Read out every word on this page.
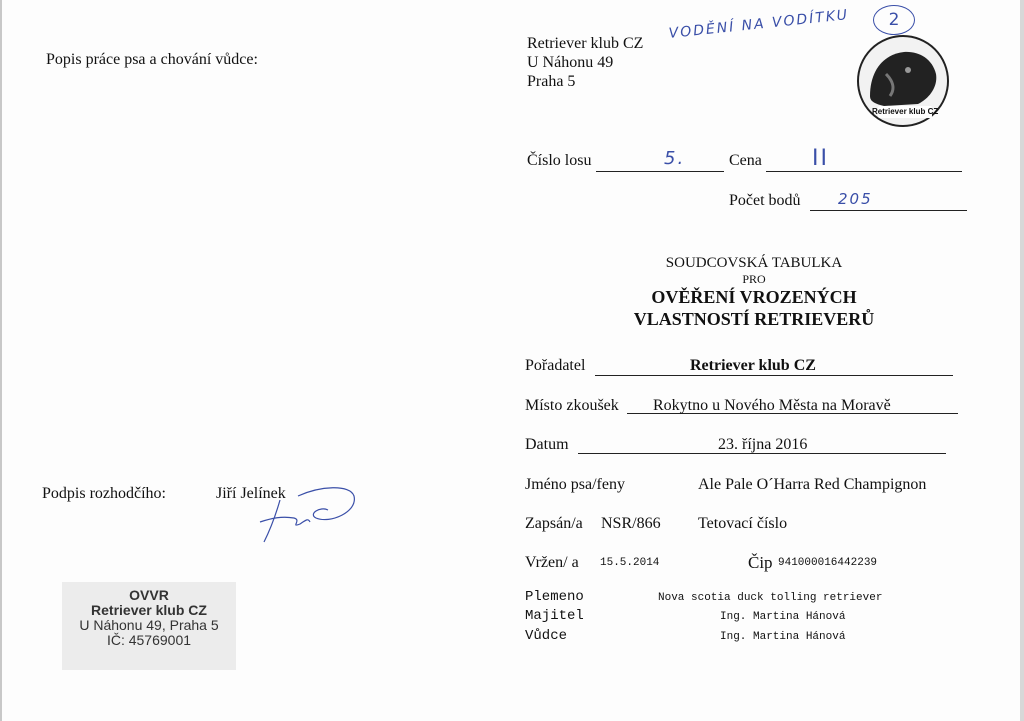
Popis práce psa a chování vůdce:
Podpis rozhodčího:	Jiří Jelínek
OVVR
Retriever klub CZ
U Náhonu 49, Praha 5
IČ: 45769001
Retriever klub CZ
U Náhonu 49
Praha 5
VODĚNÍ NA VODÍTKU	2
Retriever klub CZ
Číslo losu	5.	Cena II
Počet bodů 205
SOUDCOVSKÁ TABULKA
PRO
OVĚŘENÍ VROZENÝCH
VLASTNOSTÍ RETRIEVERŮ
Pořadatel	Retriever klub CZ
Místo zkoušek Rokytno u Nového Města na Moravě
Datum	23. října 2016
Jméno psa/feny	Ale Pale O´Harra Red Champignon
Zapsán/a NSR/866 Tetovací číslo
Vržen/ a 15.5.2014	Čip 941000016442239
Plemeno	Nova scotia duck tolling retriever
Majitel	Ing. Martina Hánová
Vůdce	Ing. Martina Hánová
